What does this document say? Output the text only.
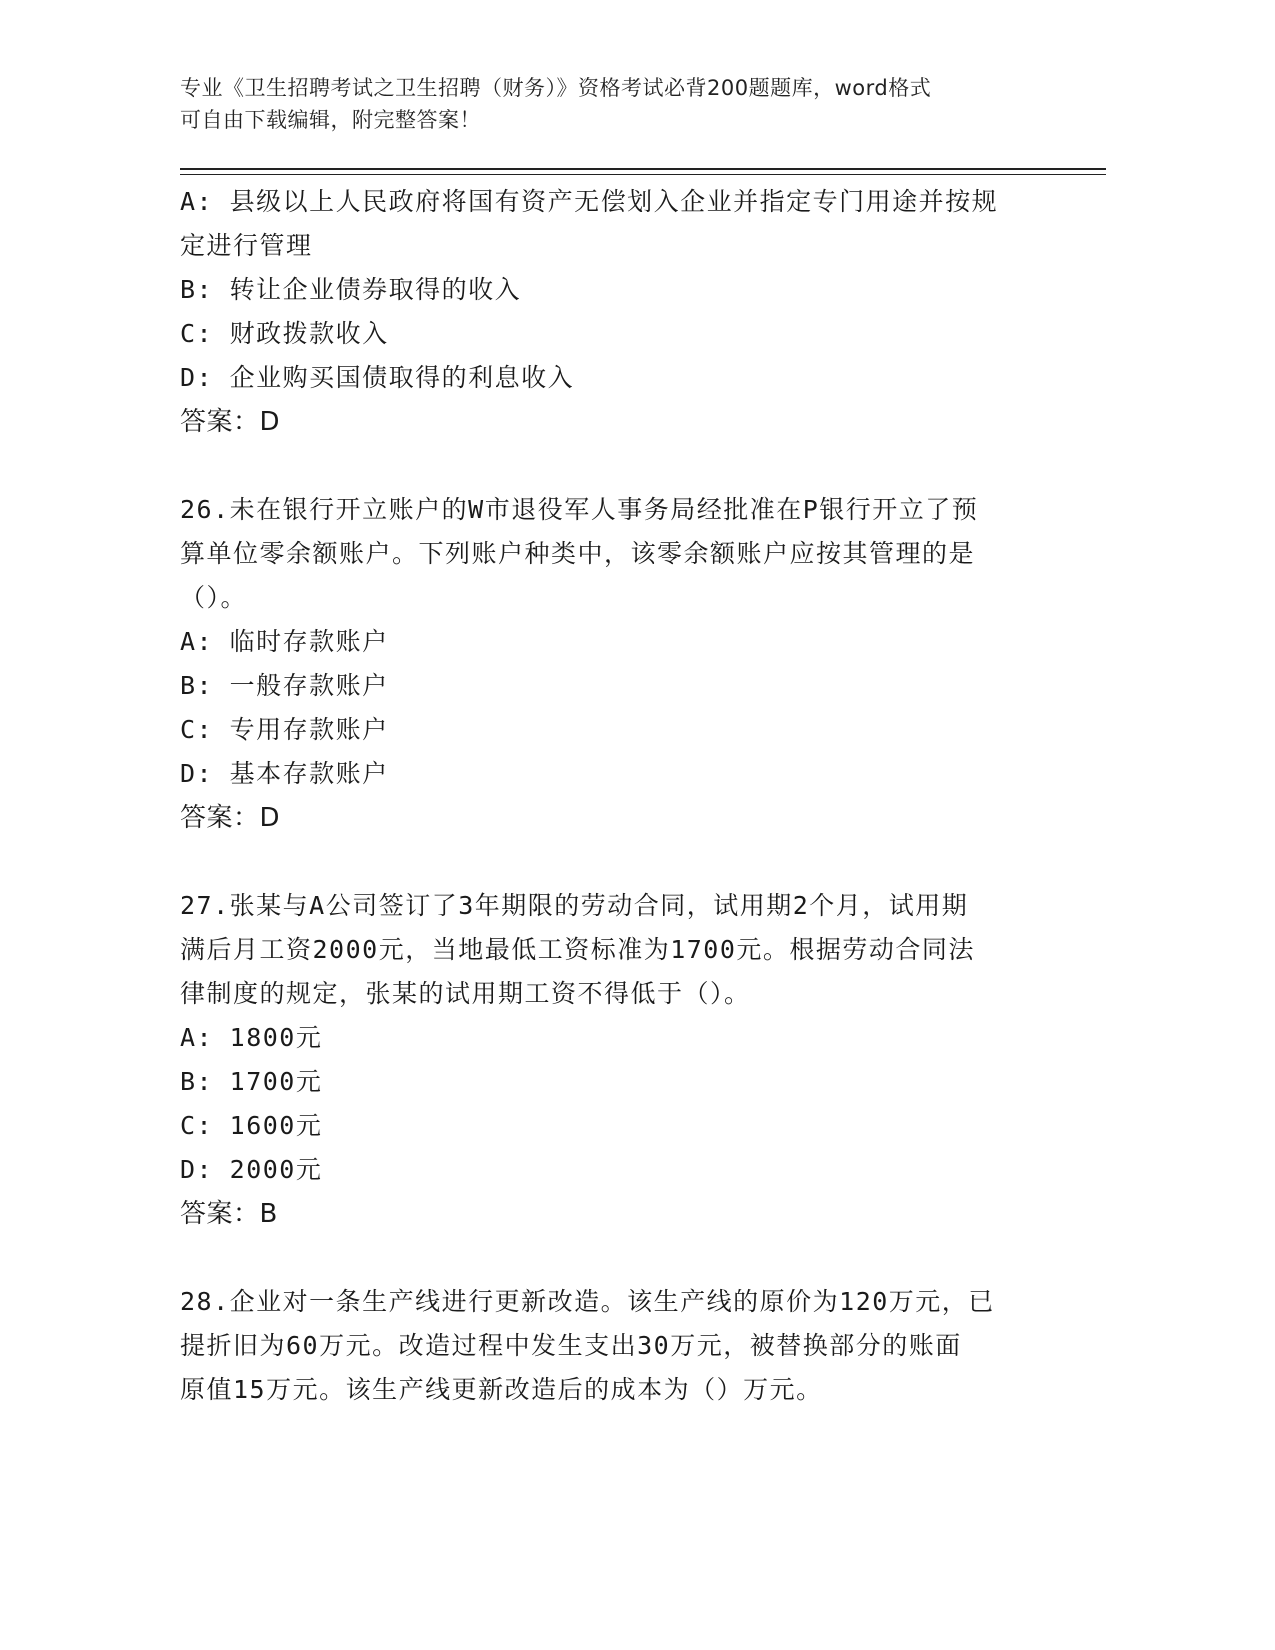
专业《卫生招聘考试之卫生招聘（财务）》资格考试必背200题题库，word格式
可自由下载编辑，附完整答案！
A: 县级以上人民政府将国有资产无偿划入企业并指定专门用途并按规
定进行管理
B: 转让企业债券取得的收入
C: 财政拨款收入
D: 企业购买国债取得的利息收入
答案：D
26.未在银行开立账户的W市退役军人事务局经批准在P银行开立了预
算单位零余额账户。下列账户种类中，该零余额账户应按其管理的是
（）。
A: 临时存款账户
B: 一般存款账户
C: 专用存款账户
D: 基本存款账户
答案：D
27.张某与A公司签订了3年期限的劳动合同，试用期2个月，试用期
满后月工资2000元，当地最低工资标准为1700元。根据劳动合同法
律制度的规定，张某的试用期工资不得低于（）。
A: 1800元
B: 1700元
C: 1600元
D: 2000元
答案：B
28.企业对一条生产线进行更新改造。该生产线的原价为120万元，已
提折旧为60万元。改造过程中发生支出30万元，被替换部分的账面
原值15万元。该生产线更新改造后的成本为（）万元。
